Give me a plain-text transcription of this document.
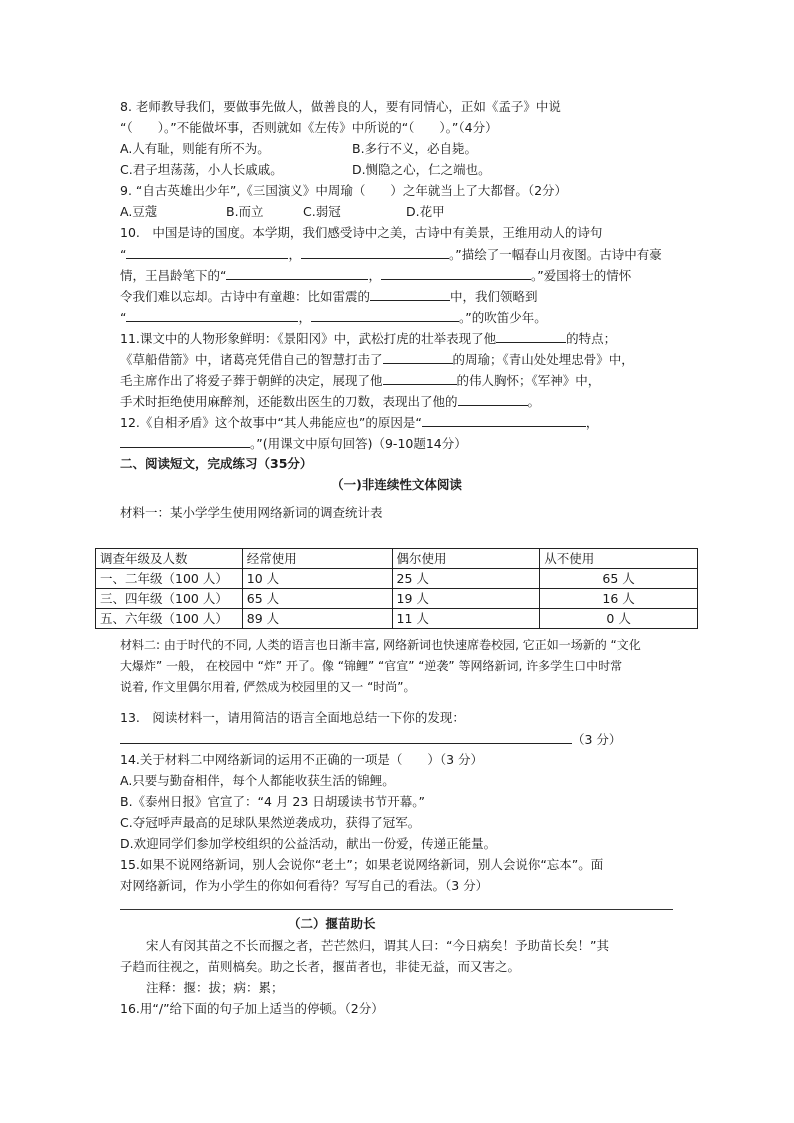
8. 老师教导我们，要做事先做人，做善良的人，要有同情心，正如《孟子》中说
“（　　）。”不能做坏事，否则就如《左传》中所说的“（　　）。”（4分）
A.人有耻，则能有所不为。	B.多行不义，必自毙。
C.君子坦荡荡，小人长戚戚。	D.恻隐之心，仁之端也。
9. “自古英雄出少年”,《三国演义》中周瑜（　　）之年就当上了大都督。（2分）
A.豆蔻	B.而立	C.弱冠	D.花甲
10.　中国是诗的国度。本学期，我们感受诗中之美，古诗中有美景，王维用动人的诗句
“	，	。”描绘了一幅春山月夜图。古诗中有豪
情，王昌龄笔下的“	，	。”爱国将士的情怀
令我们难以忘却。古诗中有童趣：比如雷震的	中，我们领略到
“	，	。”的吹笛少年。
11.课文中的人物形象鲜明：《景阳冈》中，武松打虎的壮举表现了他	的特点；
《草船借箭》中，诸葛亮凭借自己的智慧打击了	的周瑜；《青山处处埋忠骨》中，
毛主席作出了将爱子葬于朝鲜的决定，展现了他	的伟人胸怀；《军神》中，
手术时拒绝使用麻醉剂，还能数出医生的刀数，表现出了他的	。
12.《自相矛盾》这个故事中“其人弗能应也”的原因是“	，
。”(用课文中原句回答)（9-10题14分）
二、阅读短文，完成练习（35分）
（一)非连续性文体阅读
材料一：某小学学生使用网络新词的调查统计表
调查年级及人数	经常使用	偶尔使用	从不使用
一、二年级（100 人）	10 人	25 人	65 人
三、四年级（100 人）	65 人	19 人	16 人
五、六年级（100 人）	89 人	11 人	0 人
材料二: 由于时代的不同, 人类的语言也日渐丰富, 网络新词也快速席卷校园, 它正如一场新的 “文化
大爆炸” 一般， 在校园中 “炸” 开了。像 “锦鲤” “官宣” “逆袭” 等网络新词, 许多学生口中时常
说着, 作文里偶尔用着, 俨然成为校园里的又一 “时尚”。
13.　阅读材料一，请用简洁的语言全面地总结一下你的发现：
（3 分）
14.关于材料二中网络新词的运用不正确的一项是（　　）（3 分）
A.只要与勤奋相伴，每个人都能收获生活的锦鲤。
B.《泰州日报》官宣了：“4 月 23 日胡瑗读书节开幕。”
C.夺冠呼声最高的足球队果然逆袭成功，获得了冠军。
D.欢迎同学们参加学校组织的公益活动，献出一份爱，传递正能量。
15.如果不说网络新词，别人会说你“老土”；如果老说网络新词，别人会说你“忘本”。面
对网络新词，作为小学生的你如何看待？写写自己的看法。（3 分）
（二）揠苗助长
宋人有闵其苗之不长而揠之者，芒芒然归，谓其人曰：“今日病矣！予助苗长矣！”其
子趋而往视之，苗则槁矣。助之长者，揠苗者也，非徒无益，而又害之。
注释：揠：拔；病：累；
16.用“/”给下面的句子加上适当的停顿。（2分）
